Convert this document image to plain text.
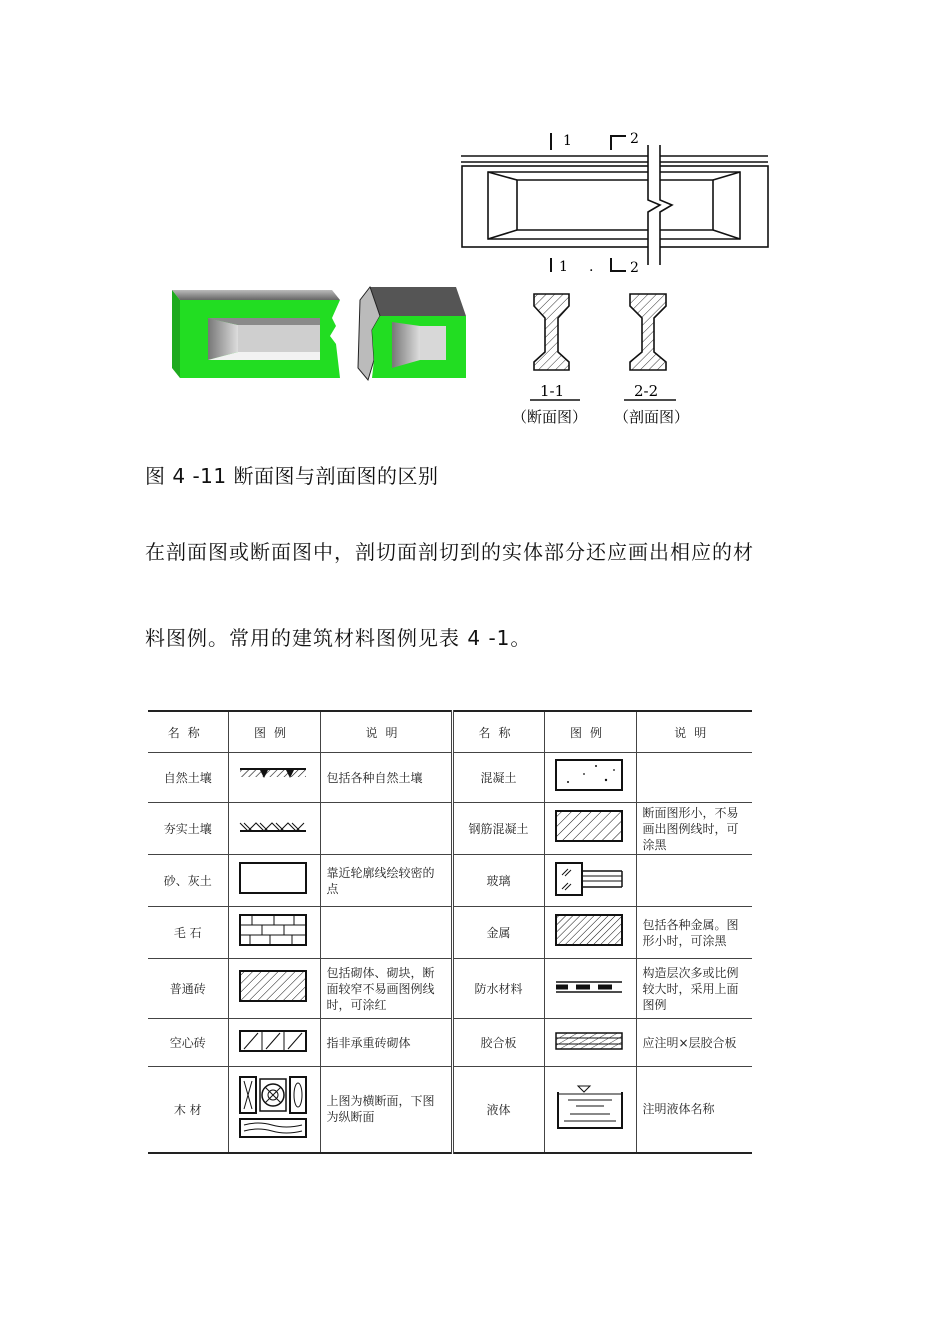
1	2
1 .	2
1-1
（断面图）
2-2
（剖面图）
图 4 -11 断面图与剖面图的区别
在剖面图或断面图中，剖切面剖切到的实体部分还应画出相应的材
料图例。常用的建筑材料图例见表 4 -1。
名称	图例	说明	名称	图例	说明
自然土壤		包括各种自然土壤	混凝土		
夯实土壤			钢筋混凝土		断面图形小，不易画出图例线时，可涂黑
砂、灰土		靠近轮廓线绘较密的点	玻璃		
毛 石			金属		包括各种金属。图形小时，可涂黑
普通砖		包括砌体、砌块，断面较窄不易画图例线时，可涂红	防水材料		构造层次多或比例较大时，采用上面图例
空心砖		指非承重砖砌体	胶合板		应注明×层胶合板
木 材		上图为横断面，下图为纵断面	液体		注明液体名称
